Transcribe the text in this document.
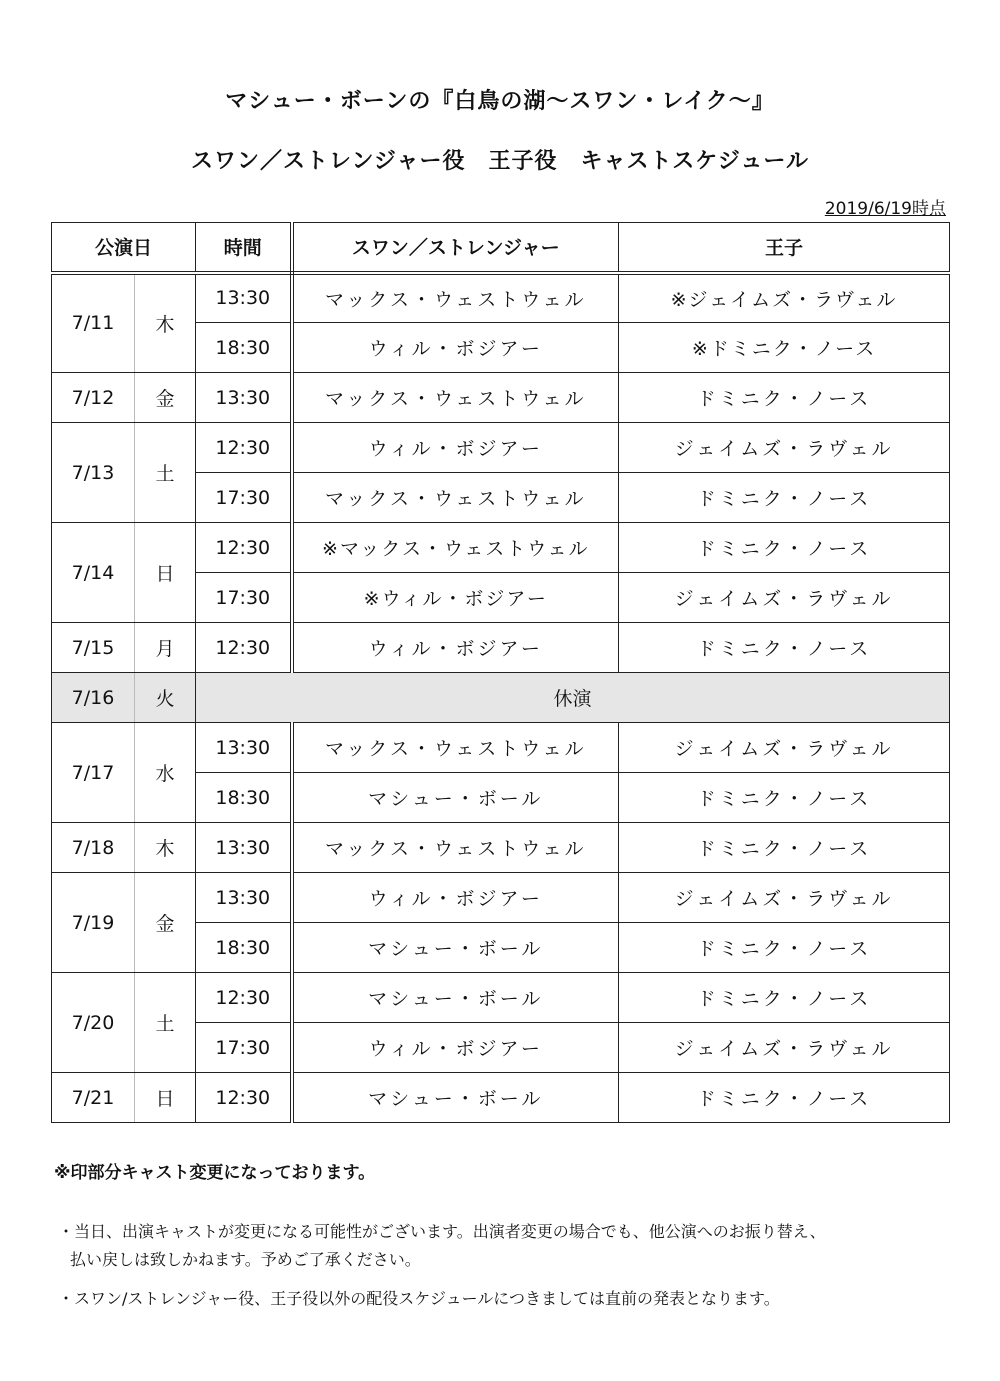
マシュー・ボーンの『白鳥の湖〜スワン・レイク〜』
スワン／ストレンジャー役　王子役　キャストスケジュール
2019/6/19時点
公演日		時間	スワン／ストレンジャー	王子
7/11	木	13:30	マックス・ウェストウェル	※ジェイムズ・ラヴェル
		18:30	ウィル・ボジアー	※ドミニク・ノース
7/12	金	13:30	マックス・ウェストウェル	ドミニク・ノース
7/13	土	12:30	ウィル・ボジアー	ジェイムズ・ラヴェル
		17:30	マックス・ウェストウェル	ドミニク・ノース
7/14	日	12:30	※マックス・ウェストウェル	ドミニク・ノース
		17:30	※ウィル・ボジアー	ジェイムズ・ラヴェル
7/15	月	12:30	ウィル・ボジアー	ドミニク・ノース
7/16	火	休演		
7/17	水	13:30	マックス・ウェストウェル	ジェイムズ・ラヴェル
		18:30	マシュー・ボール	ドミニク・ノース
7/18	木	13:30	マックス・ウェストウェル	ドミニク・ノース
7/19	金	13:30	ウィル・ボジアー	ジェイムズ・ラヴェル
		18:30	マシュー・ボール	ドミニク・ノース
7/20	土	12:30	マシュー・ボール	ドミニク・ノース
		17:30	ウィル・ボジアー	ジェイムズ・ラヴェル
7/21	日	12:30	マシュー・ボール	ドミニク・ノース
※印部分キャスト変更になっております。
・当日、出演キャストが変更になる可能性がございます。出演者変更の場合でも、他公演へのお振り替え、
払い戻しは致しかねます。予めご了承ください。
・スワン/ストレンジャー役、王子役以外の配役スケジュールにつきましては直前の発表となります。
